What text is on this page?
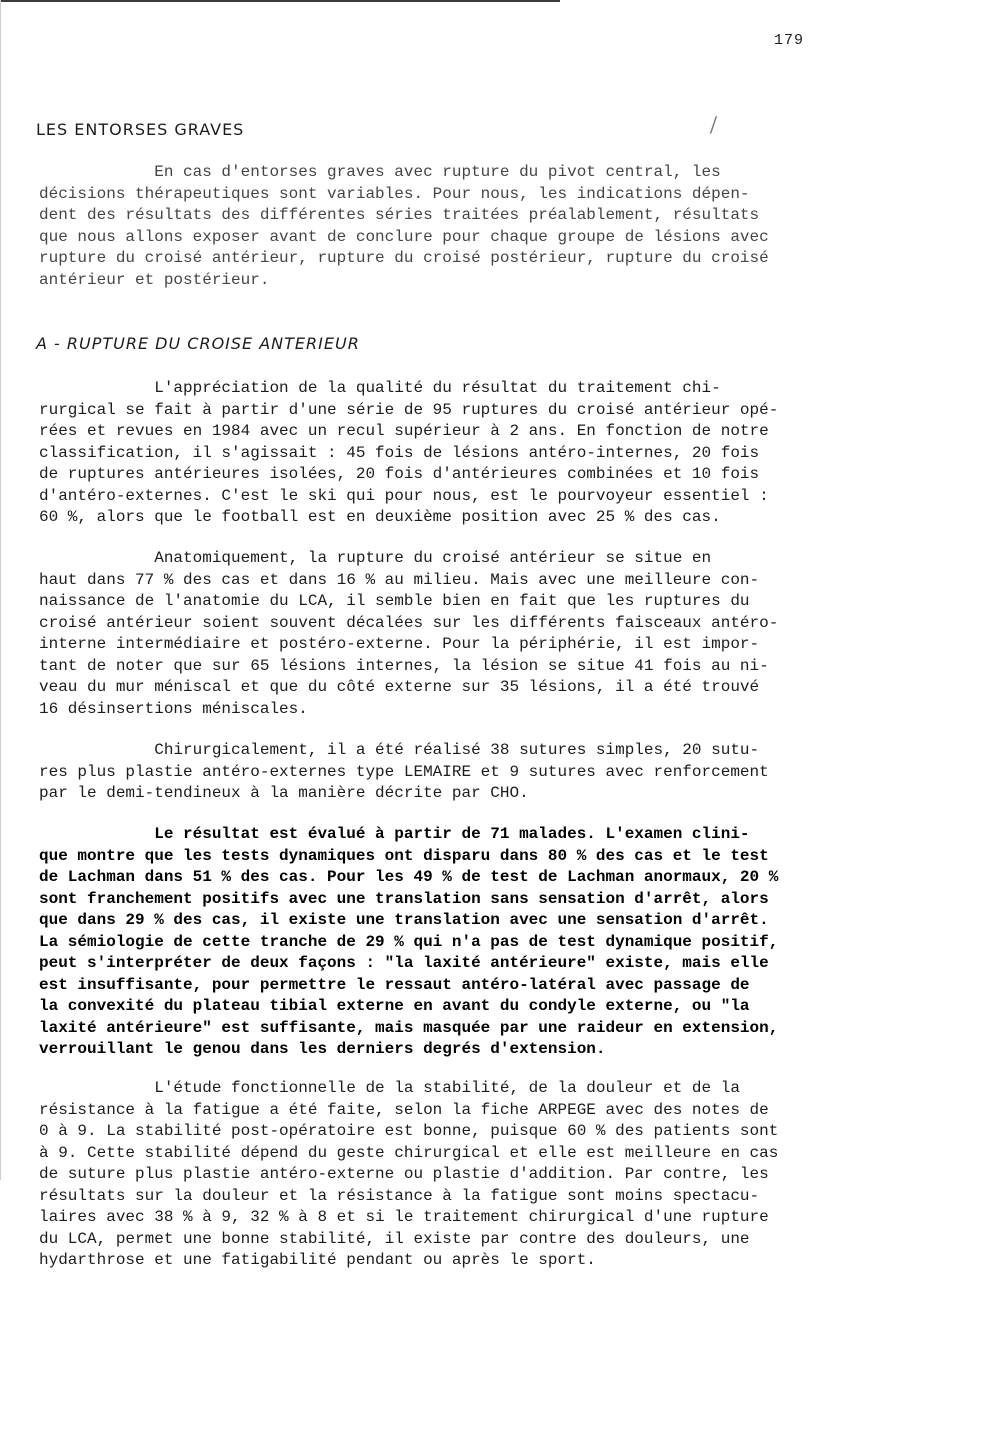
179
LES ENTORSES GRAVES	/
En cas d'entorses graves avec rupture du pivot central, les
décisions thérapeutiques sont variables. Pour nous, les indications dépen-
dent des résultats des différentes séries traitées préalablement, résultats
que nous allons exposer avant de conclure pour chaque groupe de lésions avec
rupture du croisé antérieur, rupture du croisé postérieur, rupture du croisé
antérieur et postérieur.
A - RUPTURE DU CROISE ANTERIEUR
L'appréciation de la qualité du résultat du traitement chi-
rurgical se fait à partir d'une série de 95 ruptures du croisé antérieur opé-
rées et revues en 1984 avec un recul supérieur à 2 ans. En fonction de notre
classification, il s'agissait : 45 fois de lésions antéro-internes, 20 fois
de ruptures antérieures isolées, 20 fois d'antérieures combinées et 10 fois
d'antéro-externes. C'est le ski qui pour nous, est le pourvoyeur essentiel :
60 %, alors que le football est en deuxième position avec 25 % des cas.
Anatomiquement, la rupture du croisé antérieur se situe en
haut dans 77 % des cas et dans 16 % au milieu. Mais avec une meilleure con-
naissance de l'anatomie du LCA, il semble bien en fait que les ruptures du
croisé antérieur soient souvent décalées sur les différents faisceaux antéro-
interne intermédiaire et postéro-externe. Pour la périphérie, il est impor-
tant de noter que sur 65 lésions internes, la lésion se situe 41 fois au ni-
veau du mur méniscal et que du côté externe sur 35 lésions, il a été trouvé
16 désinsertions méniscales.
Chirurgicalement, il a été réalisé 38 sutures simples, 20 sutu-
res plus plastie antéro-externes type LEMAIRE et 9 sutures avec renforcement
par le demi-tendineux à la manière décrite par CHO.
Le résultat est évalué à partir de 71 malades. L'examen clini-
que montre que les tests dynamiques ont disparu dans 80 % des cas et le test
de Lachman dans 51 % des cas. Pour les 49 % de test de Lachman anormaux, 20 %
sont franchement positifs avec une translation sans sensation d'arrêt, alors
que dans 29 % des cas, il existe une translation avec une sensation d'arrêt.
La sémiologie de cette tranche de 29 % qui n'a pas de test dynamique positif,
peut s'interpréter de deux façons : "la laxité antérieure" existe, mais elle
est insuffisante, pour permettre le ressaut antéro-latéral avec passage de
la convexité du plateau tibial externe en avant du condyle externe, ou "la
laxité antérieure" est suffisante, mais masquée par une raideur en extension,
verrouillant le genou dans les derniers degrés d'extension.
L'étude fonctionnelle de la stabilité, de la douleur et de la
résistance à la fatigue a été faite, selon la fiche ARPEGE avec des notes de
0 à 9. La stabilité post-opératoire est bonne, puisque 60 % des patients sont
à 9. Cette stabilité dépend du geste chirurgical et elle est meilleure en cas
de suture plus plastie antéro-externe ou plastie d'addition. Par contre, les
résultats sur la douleur et la résistance à la fatigue sont moins spectacu-
laires avec 38 % à 9, 32 % à 8 et si le traitement chirurgical d'une rupture
du LCA, permet une bonne stabilité, il existe par contre des douleurs, une
hydarthrose et une fatigabilité pendant ou après le sport.
